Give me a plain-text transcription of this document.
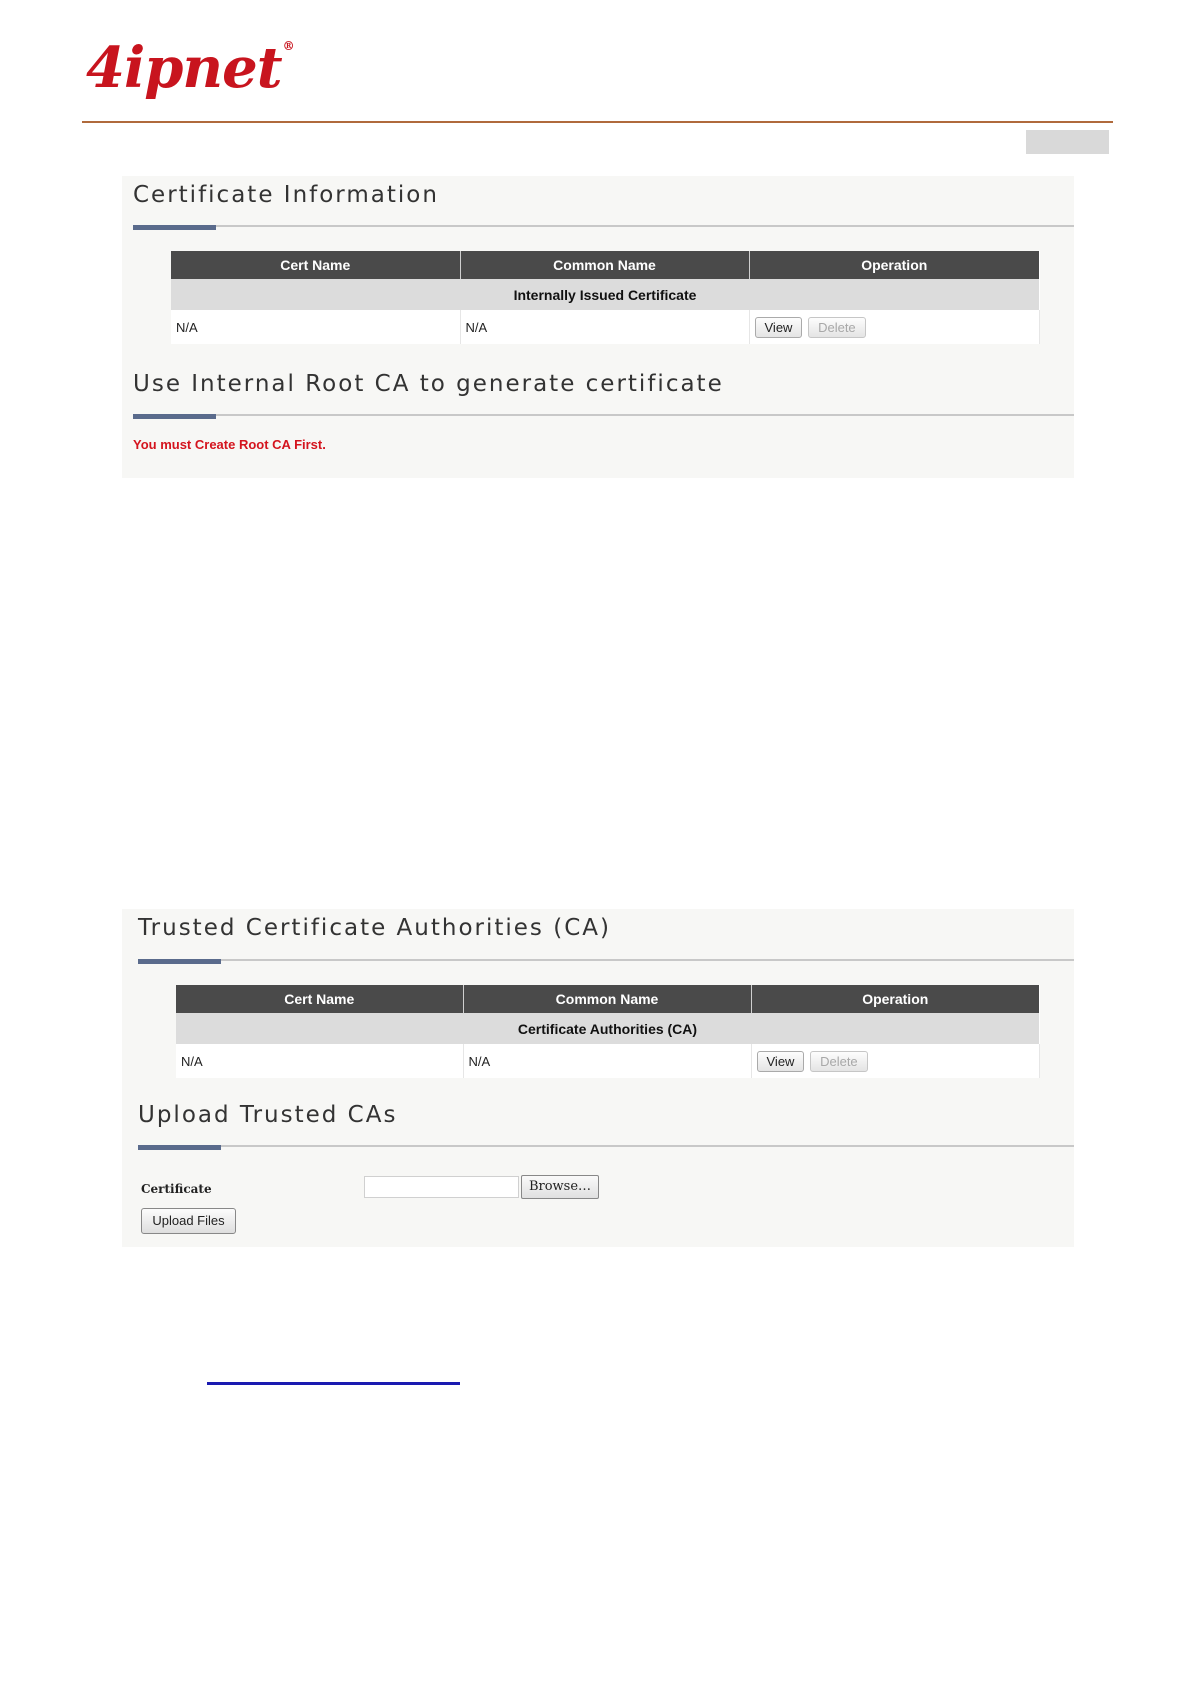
4ipnet®
Certificate Information
Cert Name	Common Name	Operation
Internally Issued Certificate		
N/A	N/A	View Delete
Use Internal Root CA to generate certificate
You must Create Root CA First.
Trusted Certificate Authorities (CA)
Cert Name	Common Name	Operation
Certificate Authorities (CA)		
N/A	N/A	View Delete
Upload Trusted CAs
Certificate	Browse…
Upload Files
